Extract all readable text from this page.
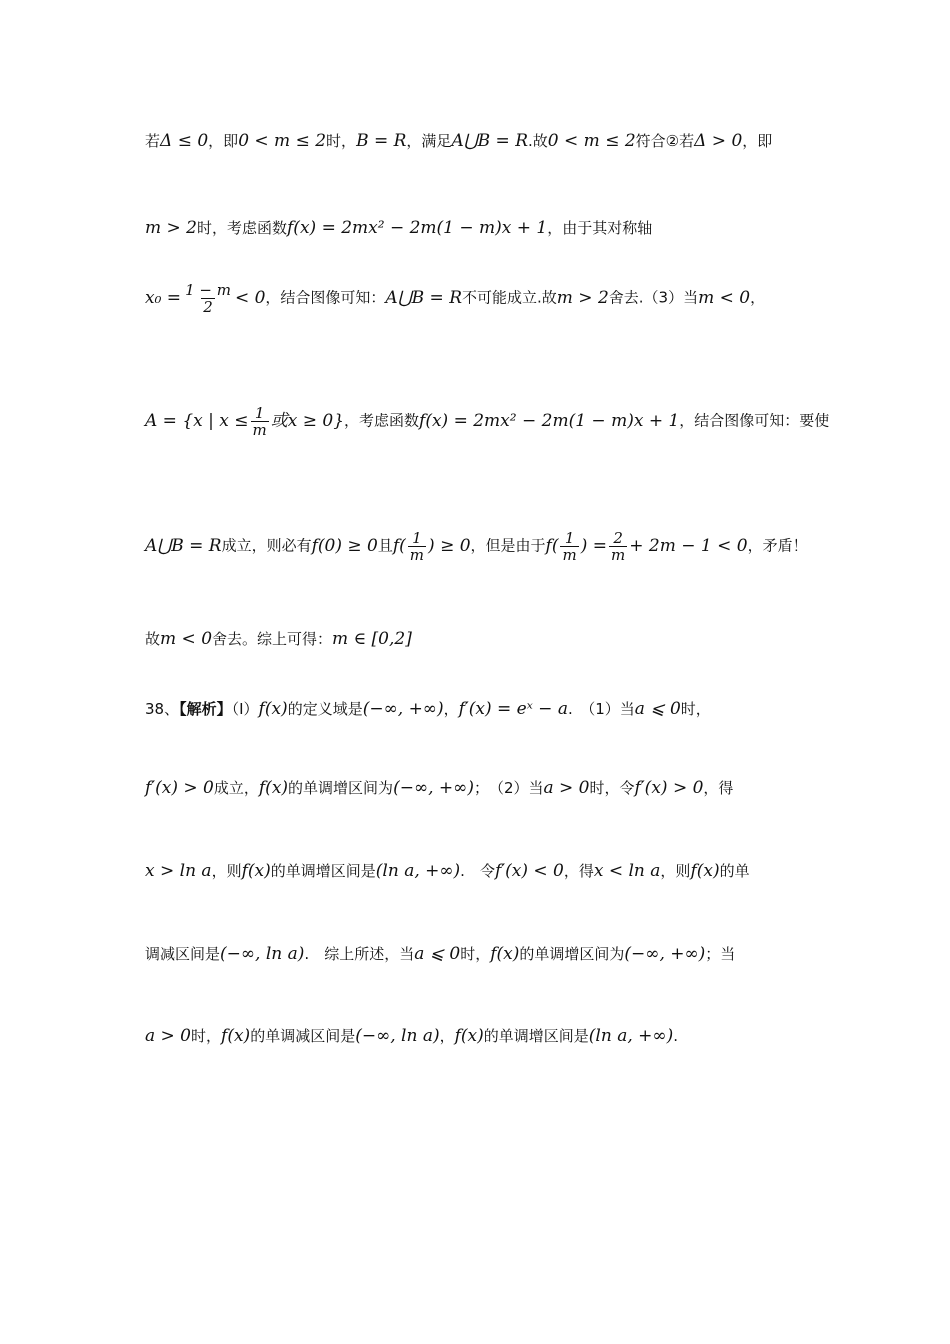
若Δ ≤ 0，即0 < m ≤ 2时，B = R，满足A⋃B = R.故0 < m ≤ 2符合②若Δ > 0，即
m > 2时，考虑函数f(x) = 2mx² − 2m(1 − m)x + 1，由于其对称轴
$x_0 = \frac{1 - m}{2} < 0$，结合图像可知：A⋃B = R不可能成立.故m > 2舍去.（3）当m < 0，
A = {x | $x \le \frac{1}{m}$ 或x ≥ 0}，考虑函数f(x) = 2mx² − 2m(1 − m)x + 1，结合图像可知：要使
A⋃B = R成立，则必有f(0) ≥ 0且$f( \frac{1}{m}$ ) ≥ 0，但是由于$f( \frac{1}{m}$ ) = $\frac{2}{m} + 2m - 1 < 0$，矛盾！
故m < 0舍去。综上可得：m ∈ [0,2]
38、【解析】（Ⅰ）f(x)的定义域是(−∞, +∞)，f′(x) = eˣ − a.　（1）当a ⩽ 0时，
f′(x) > 0成立，f(x)的单调增区间为(−∞, +∞)；　（2）当a > 0时，令f′(x) > 0，得
x > ln a，则f(x)的单调增区间是(ln a, +∞).　令f′(x) < 0，得x < ln a，则f(x)的单
调减区间是(−∞, ln a).　综上所述，当a ⩽ 0时，f(x)的单调增区间为(−∞, +∞)；当
a > 0时，f(x)的单调减区间是(−∞, ln a)，f(x)的单调增区间是(ln a, +∞).
